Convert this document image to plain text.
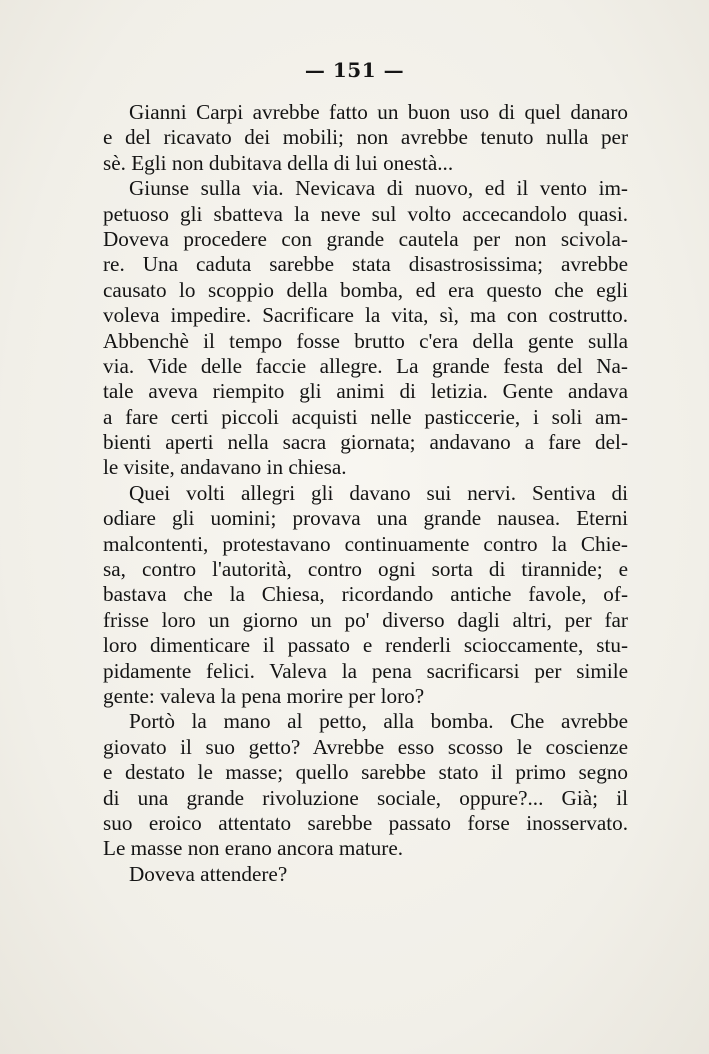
— 151 —
Gianni Carpi avrebbe fatto un buon uso di quel danaro
e del ricavato dei mobili; non avrebbe tenuto nulla per
sè. Egli non dubitava della di lui onestà...
Giunse sulla via. Nevicava di nuovo, ed il vento im-
petuoso gli sbatteva la neve sul volto accecandolo quasi.
Doveva procedere con grande cautela per non scivola-
re. Una caduta sarebbe stata disastrosissima; avrebbe
causato lo scoppio della bomba, ed era questo che egli
voleva impedire. Sacrificare la vita, sì, ma con costrutto.
Abbenchè il tempo fosse brutto c'era della gente sulla
via. Vide delle faccie allegre. La grande festa del Na-
tale aveva riempito gli animi di letizia. Gente andava
a fare certi piccoli acquisti nelle pasticcerie, i soli am-
bienti aperti nella sacra giornata; andavano a fare del-
le visite, andavano in chiesa.
Quei volti allegri gli davano sui nervi. Sentiva di
odiare gli uomini; provava una grande nausea. Eterni
malcontenti, protestavano continuamente contro la Chie-
sa, contro l'autorità, contro ogni sorta di tirannide; e
bastava che la Chiesa, ricordando antiche favole, of-
frisse loro un giorno un po' diverso dagli altri, per far
loro dimenticare il passato e renderli scioccamente, stu-
pidamente felici. Valeva la pena sacrificarsi per simile
gente: valeva la pena morire per loro?
Portò la mano al petto, alla bomba. Che avrebbe
giovato il suo getto? Avrebbe esso scosso le coscienze
e destato le masse; quello sarebbe stato il primo segno
di una grande rivoluzione sociale, oppure?... Già; il
suo eroico attentato sarebbe passato forse inosservato.
Le masse non erano ancora mature.
Doveva attendere?
